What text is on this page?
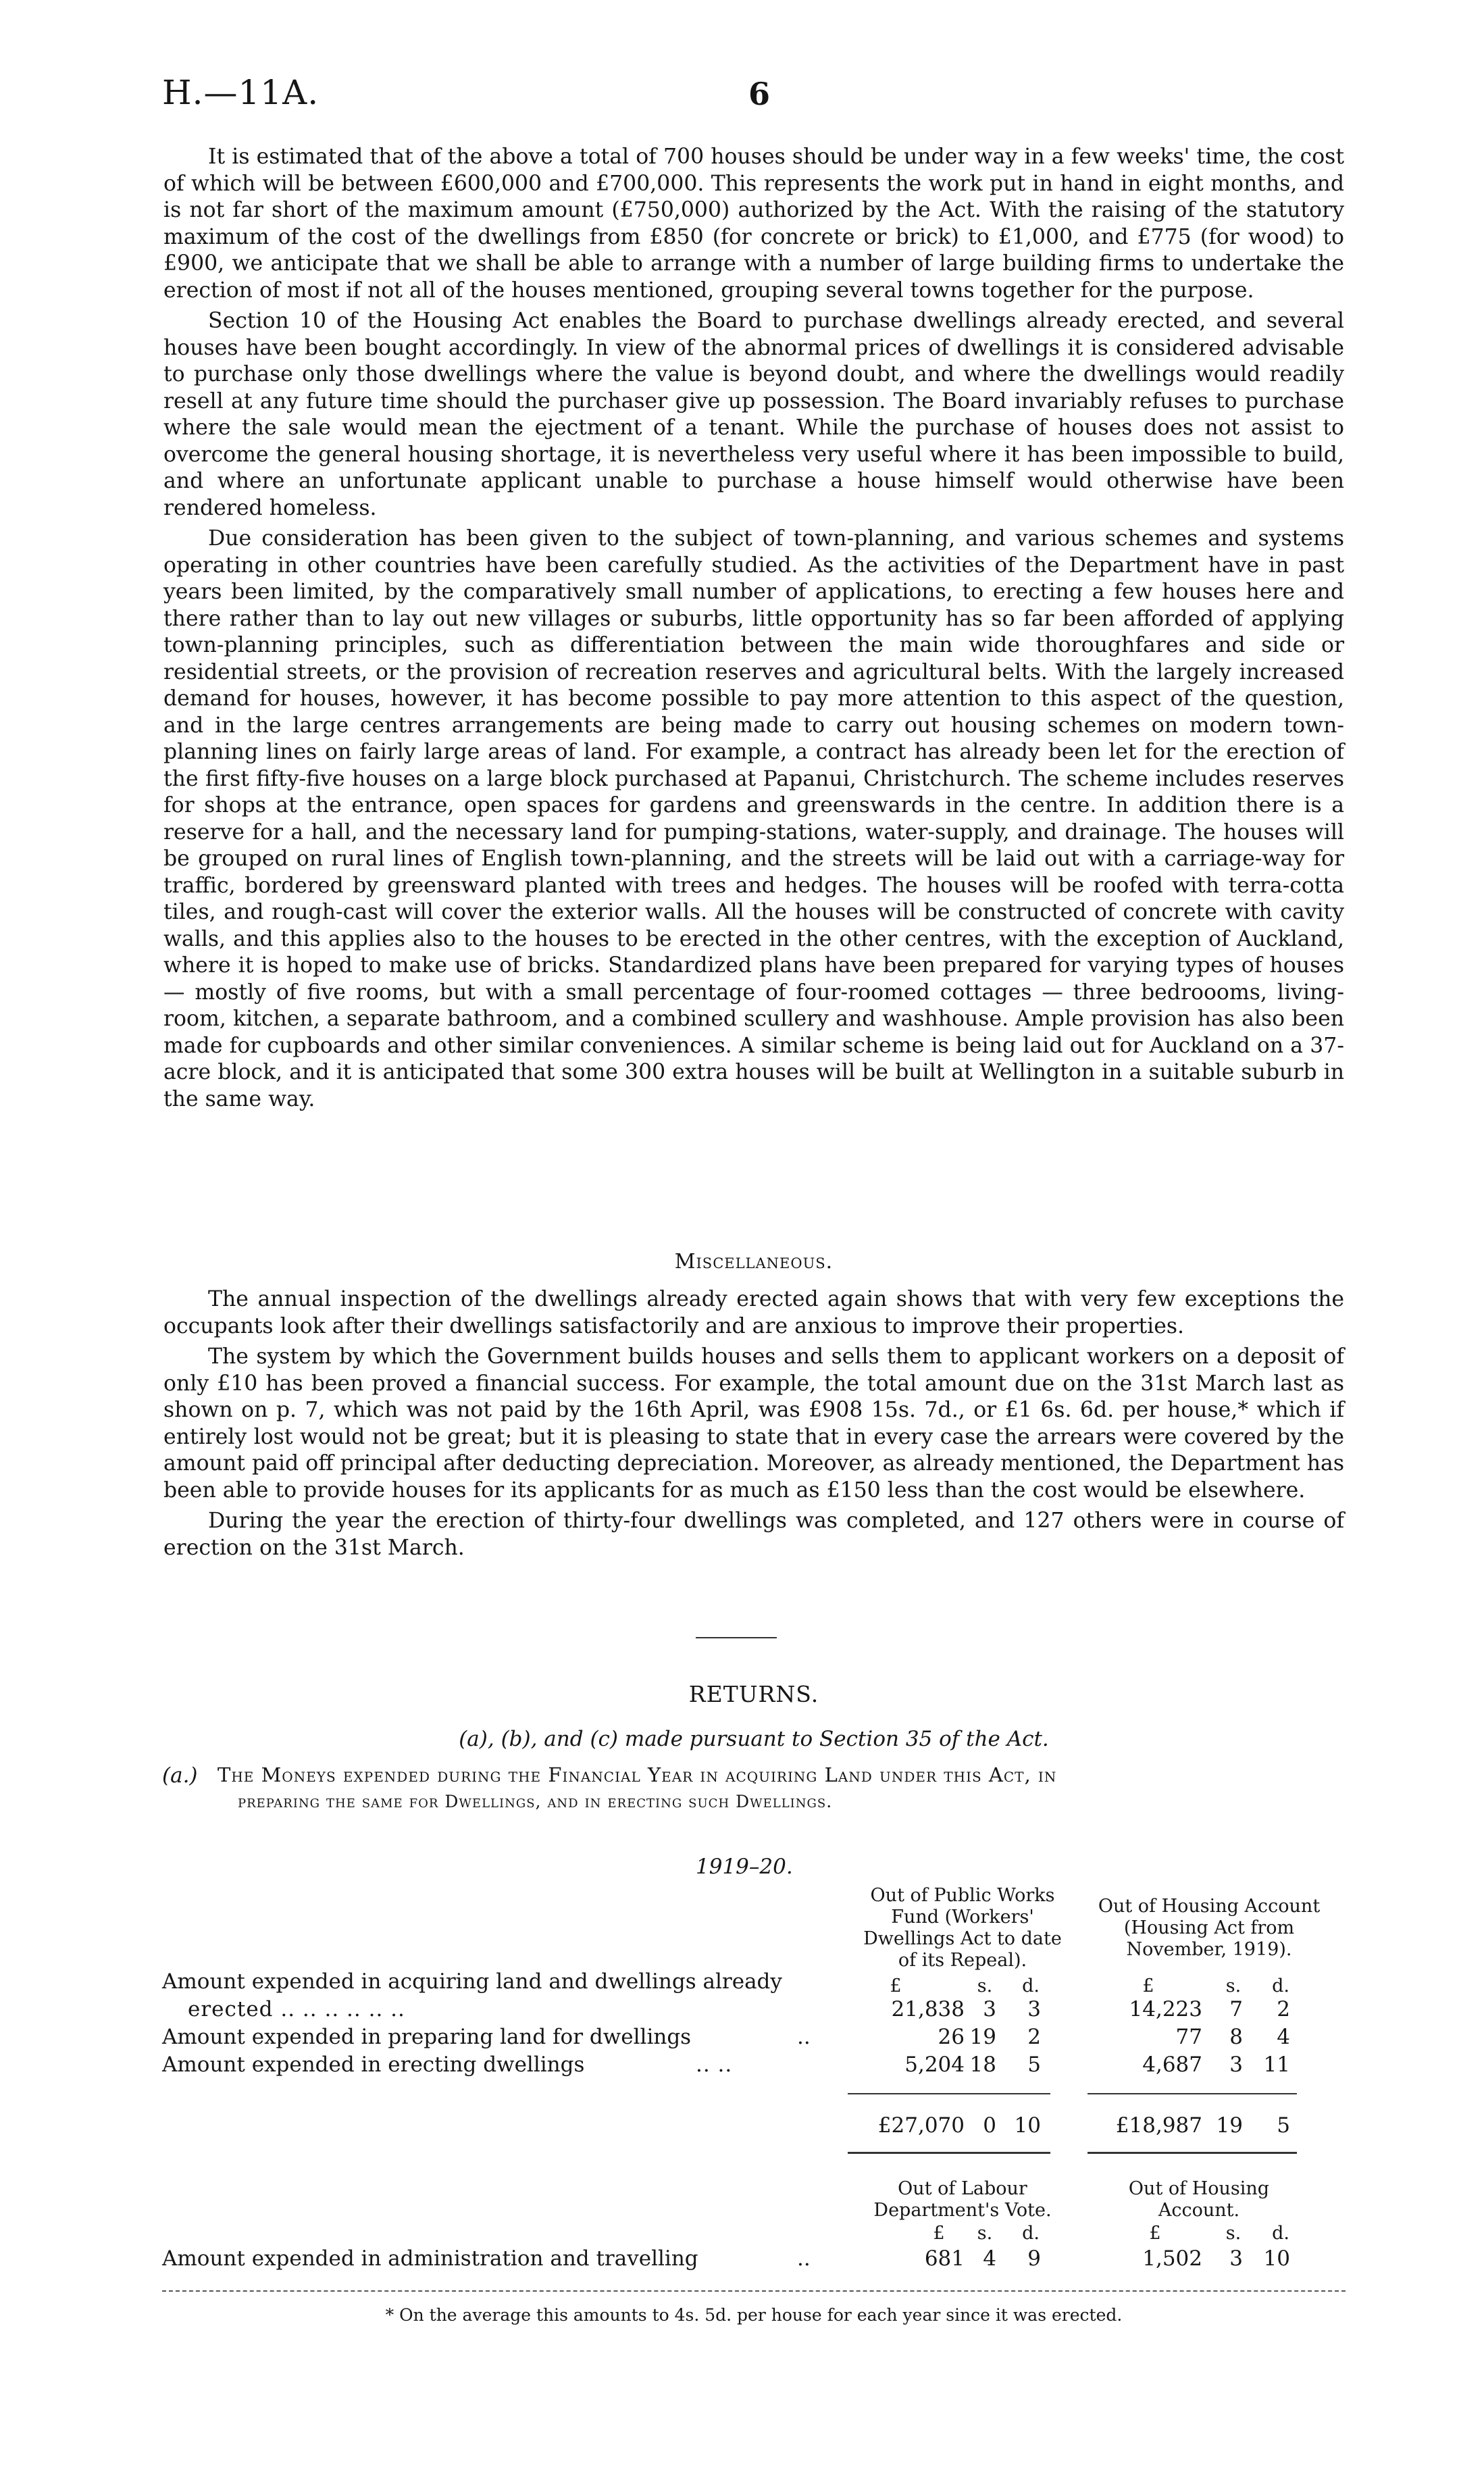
H.—11A.	6

It is estimated that of the above a total of 700 houses should be under way in a few weeks' time, the cost of which will be between £600,000 and £700,000. This represents the work put in hand in eight months, and is not far short of the maximum amount (£750,000) authorized by the Act. With the raising of the statutory maximum of the cost of the dwellings from £850 (for concrete or brick) to £1,000, and £775 (for wood) to £900, we anticipate that we shall be able to arrange with a number of large building firms to undertake the erection of most if not all of the houses mentioned, grouping several towns together for the purpose.

Section 10 of the Housing Act enables the Board to purchase dwellings already erected, and several houses have been bought accordingly. In view of the abnormal prices of dwellings it is considered advisable to purchase only those dwellings where the value is beyond doubt, and where the dwellings would readily resell at any future time should the purchaser give up possession. The Board invariably refuses to purchase where the sale would mean the ejectment of a tenant. While the purchase of houses does not assist to overcome the general housing shortage, it is nevertheless very useful where it has been impossible to build, and where an unfortunate applicant unable to purchase a house himself would otherwise have been rendered homeless.

Due consideration has been given to the subject of town-planning, and various schemes and systems operating in other countries have been carefully studied. As the activities of the Department have in past years been limited, by the comparatively small number of applications, to erecting a few houses here and there rather than to lay out new villages or suburbs, little opportunity has so far been afforded of applying town-planning principles, such as differentiation between the main wide thoroughfares and side or residential streets, or the provision of recreation reserves and agricultural belts. With the largely increased demand for houses, however, it has become possible to pay more attention to this aspect of the question, and in the large centres arrangements are being made to carry out housing schemes on modern town-planning lines on fairly large areas of land. For example, a contract has already been let for the erection of the first fifty-five houses on a large block purchased at Papanui, Christchurch. The scheme includes reserves for shops at the entrance, open spaces for gardens and greenswards in the centre. In addition there is a reserve for a hall, and the necessary land for pumping-stations, water-supply, and drainage. The houses will be grouped on rural lines of English town-planning, and the streets will be laid out with a carriage-way for traffic, bordered by greensward planted with trees and hedges. The houses will be roofed with terra-cotta tiles, and rough-cast will cover the exterior walls. All the houses will be constructed of concrete with cavity walls, and this applies also to the houses to be erected in the other centres, with the exception of Auckland, where it is hoped to make use of bricks. Standardized plans have been prepared for varying types of houses — mostly of five rooms, but with a small percentage of four-roomed cottages — three bedroooms, living-room, kitchen, a separate bathroom, and a combined scullery and washhouse. Ample provision has also been made for cupboards and other similar conveniences. A similar scheme is being laid out for Auckland on a 37-acre block, and it is anticipated that some 300 extra houses will be built at Wellington in a suitable suburb in the same way.

Miscellaneous.

The annual inspection of the dwellings already erected again shows that with very few exceptions the occupants look after their dwellings satisfactorily and are anxious to improve their properties.

The system by which the Government builds houses and sells them to applicant workers on a deposit of only £10 has been proved a financial success. For example, the total amount due on the 31st March last as shown on p. 7, which was not paid by the 16th April, was £908 15s. 7d., or £1 6s. 6d. per house,* which if entirely lost would not be great; but it is pleasing to state that in every case the arrears were covered by the amount paid off principal after deducting depreciation. Moreover, as already mentioned, the Department has been able to provide houses for its applicants for as much as £150 less than the cost would be elsewhere.

During the year the erection of thirty-four dwellings was completed, and 127 others were in course of erection on the 31st March.

RETURNS.
(a), (b), and (c) made pursuant to Section 35 of the Act.
(a.) The Moneys expended during the Financial Year in acquiring Land under this Act, in
preparing the same for Dwellings, and in erecting such Dwellings.
1919–20.
Out of Public Works
Fund (Workers'
Dwellings Act to date
of its Repeal).
Out of Housing Account
(Housing Act from
November, 1919).
£	s.	d.	£	s.	d.
Amount expended in acquiring land and dwellings already
erected .. .. .. .. .. ..	21,838 3	3	14,223	7	2
Amount expended in preparing land for dwellings	..	26 19	2	77	8	4
Amount expended in erecting dwellings	.. ..	5,204 18	5	4,687	3 11
£27,070 0 10	£18,987 19	5
Out of Labour
Department's Vote.
Out of Housing
Account.
£	s.	d.	£	s.	d.
Amount expended in administration and travelling	..	681 4	9	1,502	3 10
* On the average this amounts to 4s. 5d. per house for each year since it was erected.
